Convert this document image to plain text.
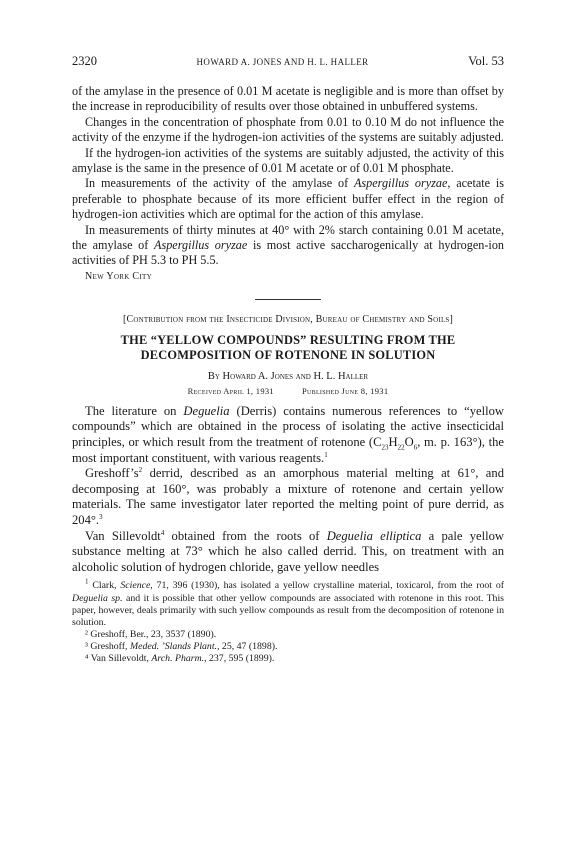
2320	HOWARD A. JONES AND H. L. HALLER	Vol. 53

of the amylase in the presence of 0.01 M acetate is negligible and is more than offset by the increase in reproducibility of results over those obtained in unbuffered systems.

Changes in the concentration of phosphate from 0.01 to 0.10 M do not influence the activity of the enzyme if the hydrogen-ion activities of the systems are suitably adjusted.

If the hydrogen-ion activities of the systems are suitably adjusted, the activity of this amylase is the same in the presence of 0.01 M acetate or of 0.01 M phosphate.

In measurements of the activity of the amylase of Aspergillus oryzae, acetate is preferable to phosphate because of its more efficient buffer effect in the region of hydrogen-ion activities which are optimal for the action of this amylase.

In measurements of thirty minutes at 40° with 2% starch containing 0.01 M acetate, the amylase of Aspergillus oryzae is most active saccharogenically at hydrogen-ion activities of PH 5.3 to PH 5.5.

New York City
[Contribution from the Insecticide Division, Bureau of Chemistry and Soils]
THE “YELLOW COMPOUNDS” RESULTING FROM THE
DECOMPOSITION OF ROTENONE IN SOLUTION
By Howard A. Jones and H. L. Haller
Received April 1, 1931	Published June 8, 1931

The literature on Deguelia (Derris) contains numerous references to “yellow compounds” which are obtained in the process of isolating the active insecticidal principles, or which result from the treatment of rotenone ($C_{23}H_{22}O_6$, m. p. 163°), the most important constituent, with various reagents.$^1$

$Greshoff’s^2$ derrid, described as an amorphous material melting at 61°, and decomposing at 160°, was probably a mixture of rotenone and certain yellow materials. The same investigator later reported the melting point of pure derrid, as 204°.$^3$

Van Sillevoldt$^4$ obtained from the roots of Deguelia elliptica a pale yellow substance melting at 73° which he also called derrid. This, on treatment with an alcoholic solution of hydrogen chloride, gave yellow needles

$^1$ Clark, Science, 71, 396 (1930), has isolated a yellow crystalline material, toxicarol, from the root of Deguelia sp. and it is possible that other yellow compounds are associated with rotenone in this root. This paper, however, deals primarily with such yellow compounds as result from the decomposition of rotenone in solution.

² Greshoff, Ber., 23, 3537 (1890).

³ Greshoff, Meded. ’Slands Plant., 25, 47 (1898).

⁴ Van Sillevoldt, Arch. Pharm., 237, 595 (1899).
